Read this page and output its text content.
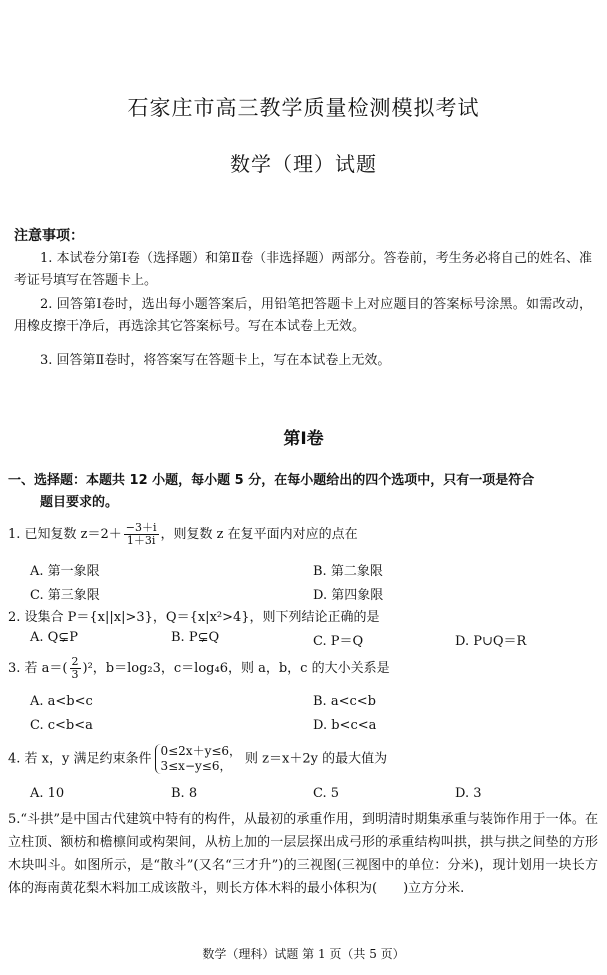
石家庄市高三教学质量检测模拟考试
数学（理）试题
注意事项：
1. 本试卷分第Ⅰ卷（选择题）和第Ⅱ卷（非选择题）两部分。答卷前，考生务必将自己的姓名、准考证号填写在答题卡上。
2. 回答第Ⅰ卷时，选出每小题答案后，用铅笔把答题卡上对应题目的答案标号涂黑。如需改动，用橡皮擦干净后，再选涂其它答案标号。写在本试卷上无效。
3. 回答第Ⅱ卷时，将答案写在答题卡上，写在本试卷上无效。
第Ⅰ卷
一、选择题：本题共 12 小题，每小题 5 分，在每小题给出的四个选项中，只有一项是符合
题目要求的。
1. 已知复数 $z=2+ \frac{-3+i}{1+3i}$ ，则复数 z 在复平面内对应的点在
A. 第一象限	B. 第二象限
C. 第三象限	D. 第四象限
2. 设集合 P＝{x||x|>3}，Q＝{x|x²>4}，则下列结论正确的是
A. Q⊊P	B. P⊊Q	C. P＝Q	D. P∪Q＝R
3. 若 $a=( \frac{2}{3} )^2$，b＝log₂3，c＝log₄6，则 a，b，c 的大小关系是
A. a<b<c	B. a<c<b
C. c<b<a	D. b<c<a
4. 若 x，y 满足约束条件
0≤2x＋y≤6，
3≤x−y≤6，	则 z＝x＋2y 的最大值为
A. 10	B. 8	C. 5	D. 3
5.“斗拱”是中国古代建筑中特有的构件，从最初的承重作用，到明清时期集承重与装饰作用于一体。在立柱顶、额枋和檐檩间或构架间，从枋上加的一层层探出成弓形的承重结构叫拱，拱与拱之间垫的方形木块叫斗。如图所示，是“散斗”(又名“三才升”)的三视图(三视图中的单位：分米)，现计划用一块长方体的海南黄花梨木料加工成该散斗，则长方体木料的最小体积为(　　)立方分米.
数学（理科）试题 第 1 页（共 5 页）
